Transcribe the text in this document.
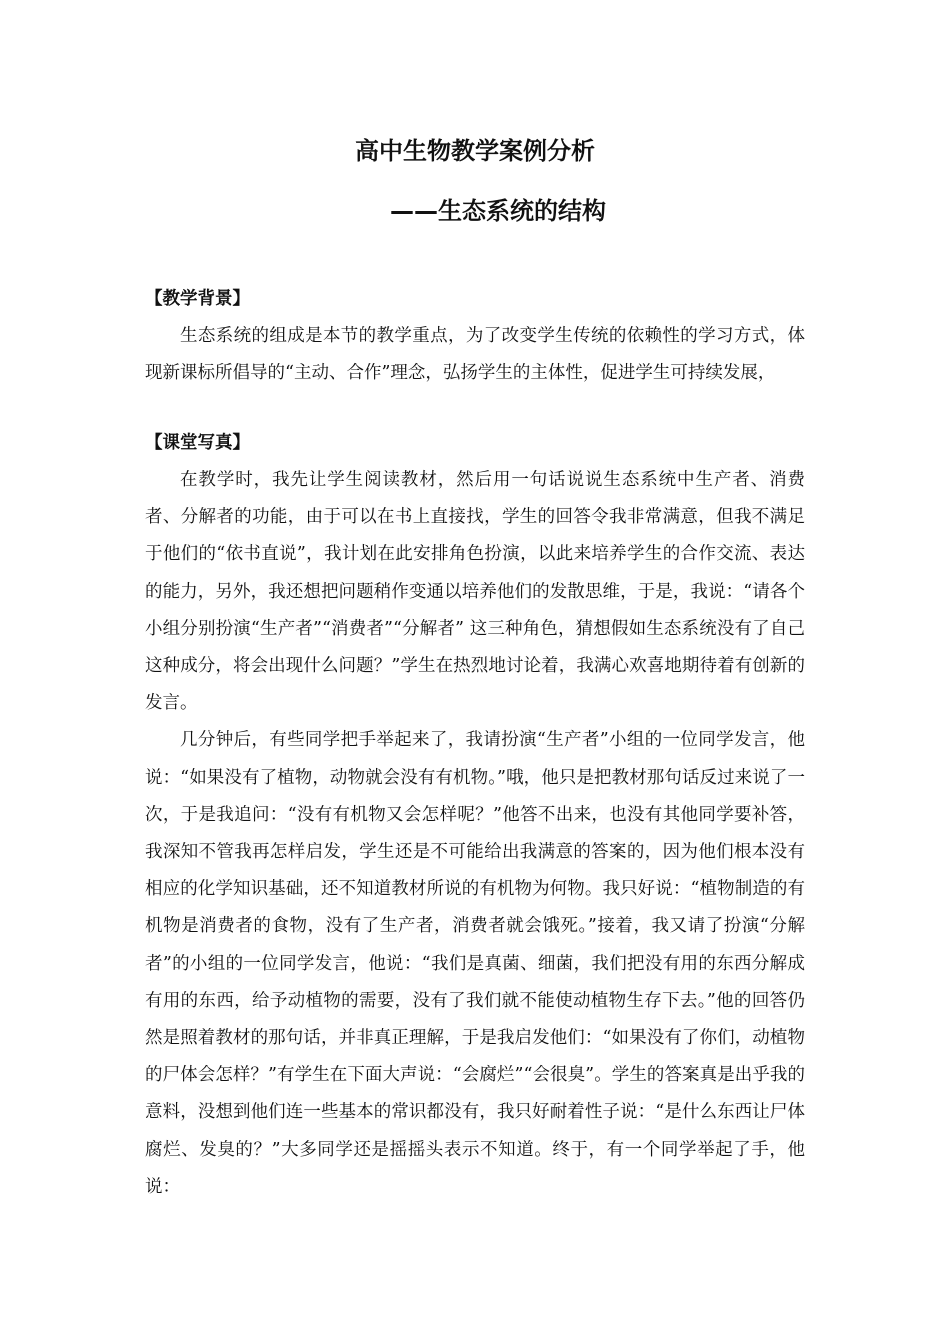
高中生物教学案例分析
——生态系统的结构
【教学背景】

生态系统的组成是本节的教学重点，为了改变学生传统的依赖性的学习方式，体现新课标所倡导的“主动、合作”理念，弘扬学生的主体性，促进学生可持续发展，

【课堂写真】

在教学时，我先让学生阅读教材，然后用一句话说说生态系统中生产者、消费者、分解者的功能，由于可以在书上直接找，学生的回答令我非常满意，但我不满足于他们的“依书直说”，我计划在此安排角色扮演，以此来培养学生的合作交流、表达的能力，另外，我还想把问题稍作变通以培养他们的发散思维，于是，我说：“请各个小组分别扮演“生产者”“消费者”“分解者” 这三种角色，猜想假如生态系统没有了自己这种成分，将会出现什么问题？”学生在热烈地讨论着，我满心欢喜地期待着有创新的发言。

几分钟后，有些同学把手举起来了，我请扮演“生产者”小组的一位同学发言，他说：“如果没有了植物，动物就会没有有机物。”哦，他只是把教材那句话反过来说了一次，于是我追问：“没有有机物又会怎样呢？”他答不出来，也没有其他同学要补答，我深知不管我再怎样启发，学生还是不可能给出我满意的答案的，因为他们根本没有相应的化学知识基础，还不知道教材所说的有机物为何物。我只好说：“植物制造的有机物是消费者的食物，没有了生产者，消费者就会饿死。”接着，我又请了扮演“分解者”的小组的一位同学发言，他说：“我们是真菌、细菌，我们把没有用的东西分解成有用的东西，给予动植物的需要，没有了我们就不能使动植物生存下去。”他的回答仍然是照着教材的那句话，并非真正理解，于是我启发他们：“如果没有了你们，动植物的尸体会怎样？”有学生在下面大声说：“会腐烂”“会很臭”。学生的答案真是出乎我的意料，没想到他们连一些基本的常识都没有，我只好耐着性子说：“是什么东西让尸体腐烂、发臭的？”大多同学还是摇摇头表示不知道。终于，有一个同学举起了手，他说：
